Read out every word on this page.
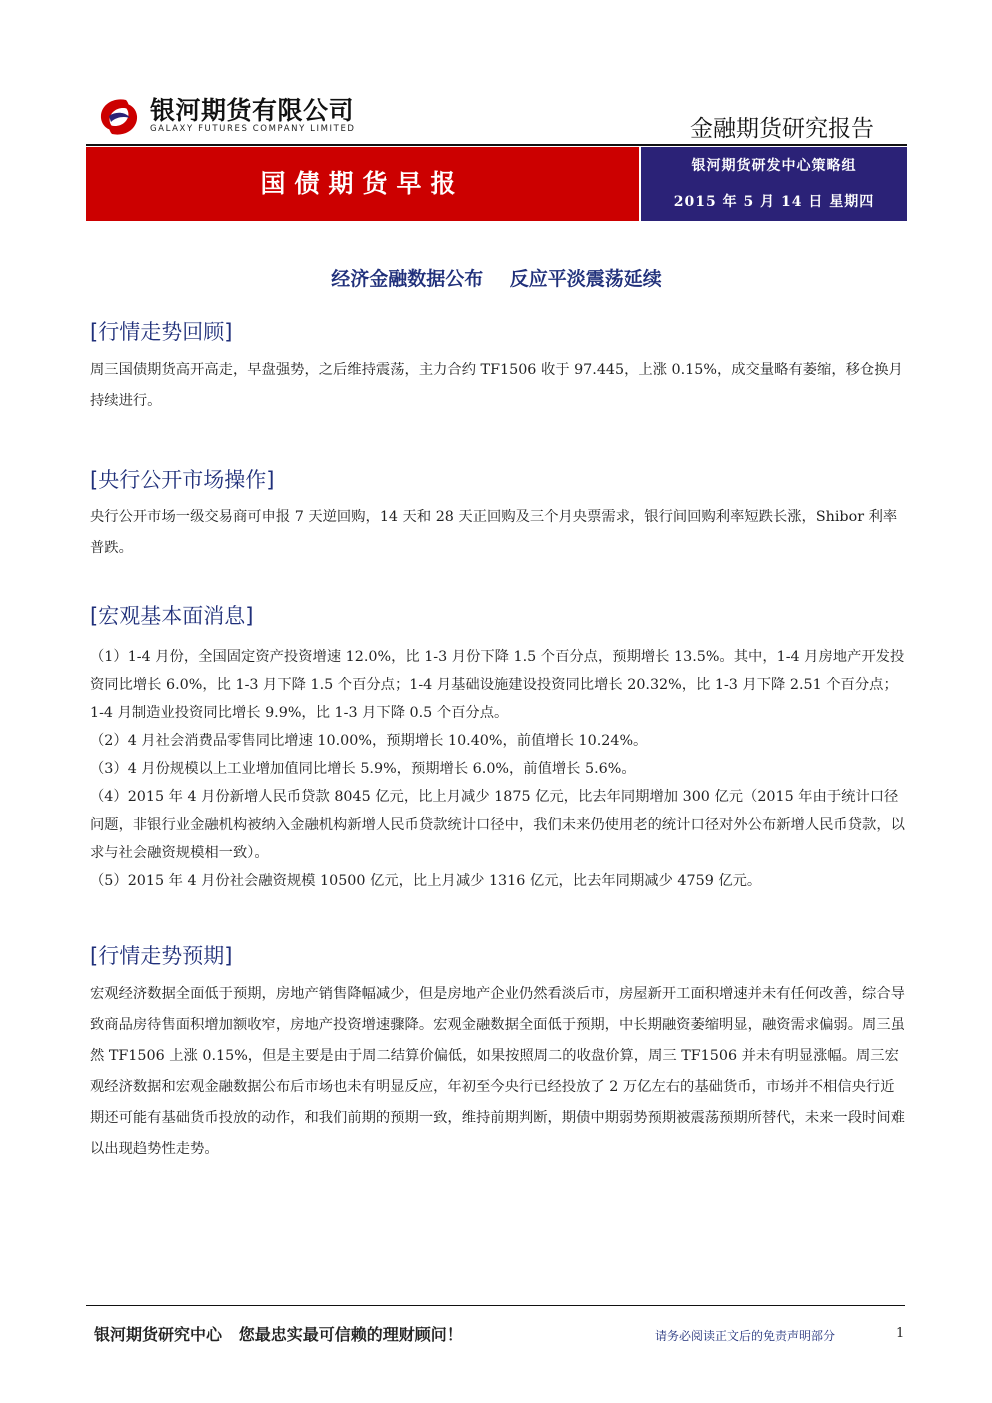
银河期货有限公司
GALAXY FUTURES COMPANY LIMITED	金融期货研究报告
国债期货早报
银河期货研发中心策略组
2015 年 5 月 14 日 星期四
经济金融数据公布    反应平淡震荡延续
[行情走势回顾]

周三国债期货高开高走，早盘强势，之后维持震荡，主力合约 TF1506 收于 97.445，上涨 0.15%，成交量略有萎缩，移仓换月持续进行。

[央行公开市场操作]

央行公开市场一级交易商可申报 7 天逆回购，14 天和 28 天正回购及三个月央票需求，银行间回购利率短跌长涨，Shibor 利率普跌。

[宏观基本面消息]

（1）1-4 月份，全国固定资产投资增速 12.0%，比 1-3 月份下降 1.5 个百分点，预期增长 13.5%。其中，1-4 月房地产开发投资同比增长 6.0%，比 1-3 月下降 1.5 个百分点；1-4 月基础设施建设投资同比增长 20.32%，比 1-3 月下降 2.51 个百分点；1-4 月制造业投资同比增长 9.9%，比 1-3 月下降 0.5 个百分点。

（2）4 月社会消费品零售同比增速 10.00%，预期增长 10.40%，前值增长 10.24%。

（3）4 月份规模以上工业增加值同比增长 5.9%，预期增长 6.0%，前值增长 5.6%。

（4）2015 年 4 月份新增人民币贷款 8045 亿元，比上月减少 1875 亿元，比去年同期增加 300 亿元（2015 年由于统计口径问题，非银行业金融机构被纳入金融机构新增人民币贷款统计口径中，我们未来仍使用老的统计口径对外公布新增人民币贷款，以求与社会融资规模相一致）。

（5）2015 年 4 月份社会融资规模 10500 亿元，比上月减少 1316 亿元，比去年同期减少 4759 亿元。

[行情走势预期]

宏观经济数据全面低于预期，房地产销售降幅减少，但是房地产企业仍然看淡后市，房屋新开工面积增速并未有任何改善，综合导致商品房待售面积增加额收窄，房地产投资增速骤降。宏观金融数据全面低于预期，中长期融资萎缩明显，融资需求偏弱。周三虽然 TF1506 上涨 0.15%，但是主要是由于周二结算价偏低，如果按照周二的收盘价算，周三 TF1506 并未有明显涨幅。周三宏观经济数据和宏观金融数据公布后市场也未有明显反应，年初至今央行已经投放了 2 万亿左右的基础货币，市场并不相信央行近期还可能有基础货币投放的动作，和我们前期的预期一致，维持前期判断，期债中期弱势预期被震荡预期所替代，未来一段时间难以出现趋势性走势。

银河期货研究中心   您最忠实最可信赖的理财顾问！	请务必阅读正文后的免责声明部分	1
